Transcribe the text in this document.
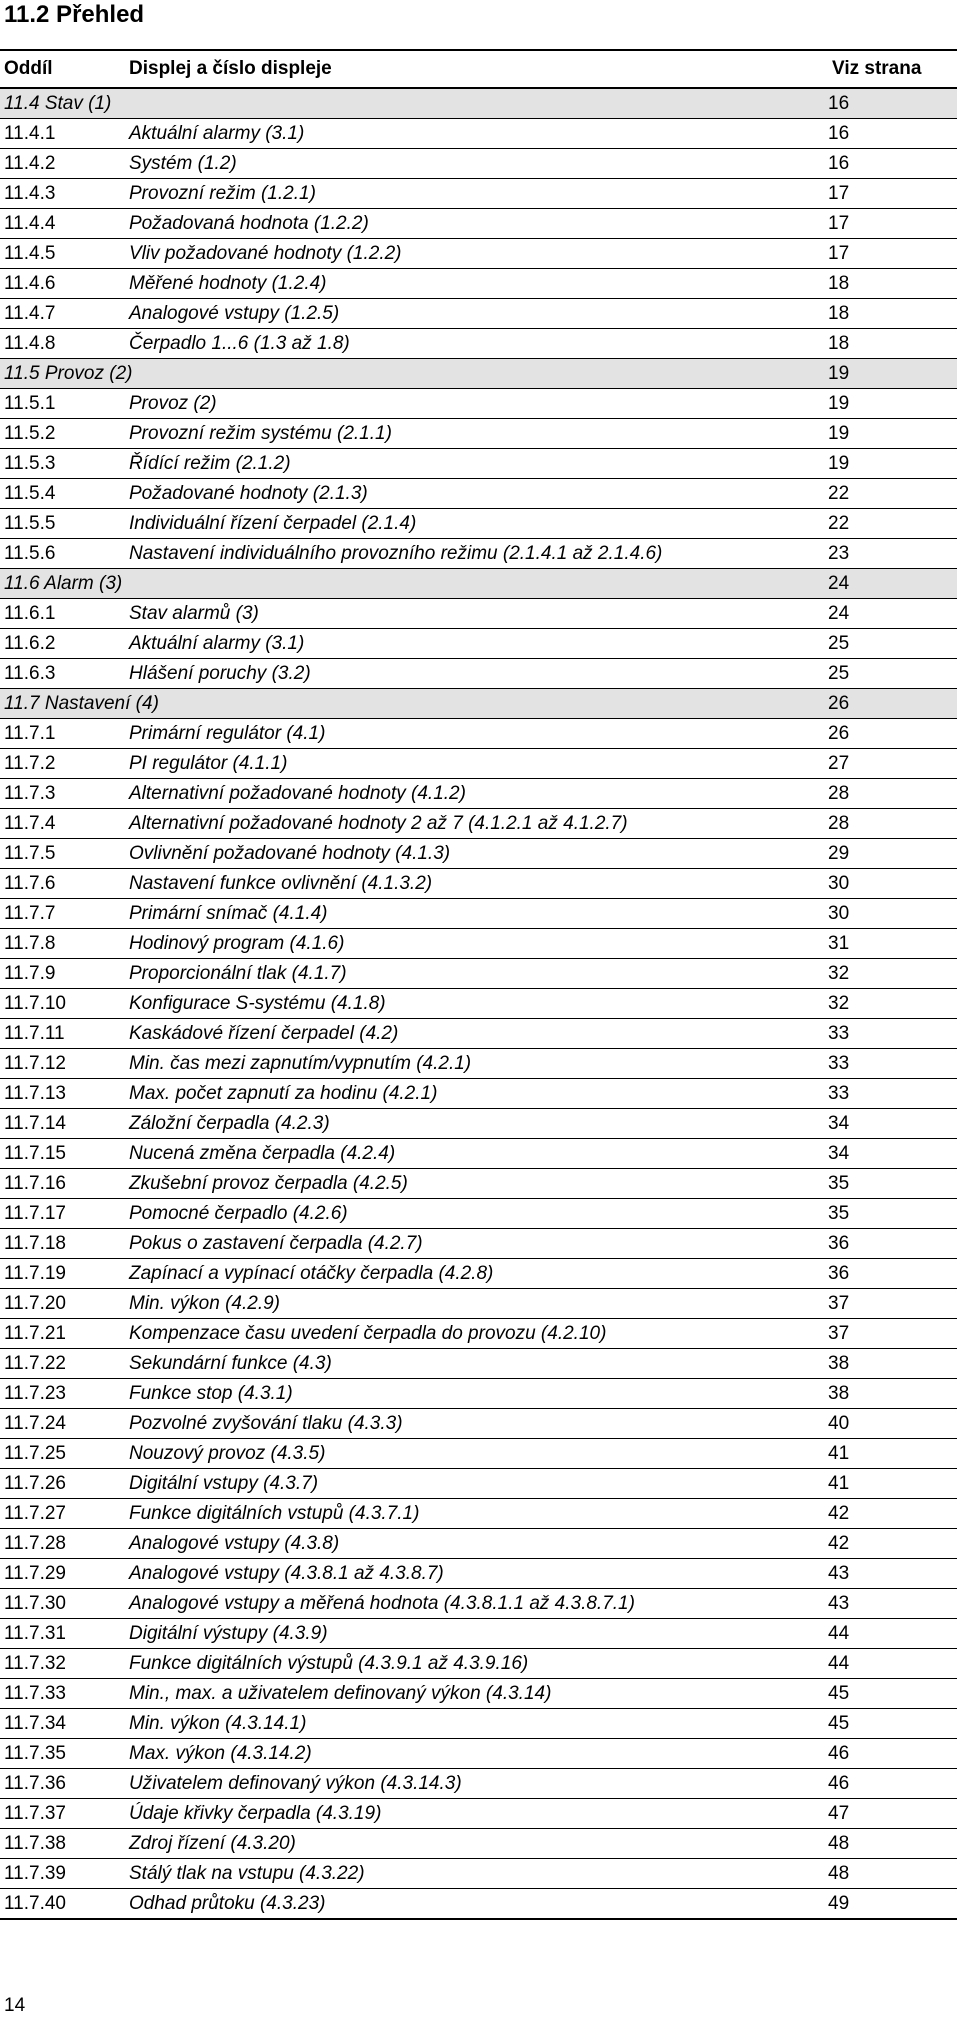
11.2 Přehled
Oddíl	Displej a číslo displeje	Viz strana
11.4 Stav (1)		16
11.4.1	Aktuální alarmy (3.1)	16
11.4.2	Systém (1.2)	16
11.4.3	Provozní režim (1.2.1)	17
11.4.4	Požadovaná hodnota (1.2.2)	17
11.4.5	Vliv požadované hodnoty (1.2.2)	17
11.4.6	Měřené hodnoty (1.2.4)	18
11.4.7	Analogové vstupy (1.2.5)	18
11.4.8	Čerpadlo 1...6 (1.3 až 1.8)	18
11.5 Provoz (2)		19
11.5.1	Provoz (2)	19
11.5.2	Provozní režim systému (2.1.1)	19
11.5.3	Řídící režim (2.1.2)	19
11.5.4	Požadované hodnoty (2.1.3)	22
11.5.5	Individuální řízení čerpadel (2.1.4)	22
11.5.6	Nastavení individuálního provozního režimu (2.1.4.1 až 2.1.4.6)	23
11.6 Alarm (3)		24
11.6.1	Stav alarmů (3)	24
11.6.2	Aktuální alarmy (3.1)	25
11.6.3	Hlášení poruchy (3.2)	25
11.7 Nastavení (4)		26
11.7.1	Primární regulátor (4.1)	26
11.7.2	PI regulátor (4.1.1)	27
11.7.3	Alternativní požadované hodnoty (4.1.2)	28
11.7.4	Alternativní požadované hodnoty 2 až 7 (4.1.2.1 až 4.1.2.7)	28
11.7.5	Ovlivnění požadované hodnoty (4.1.3)	29
11.7.6	Nastavení funkce ovlivnění (4.1.3.2)	30
11.7.7	Primární snímač (4.1.4)	30
11.7.8	Hodinový program (4.1.6)	31
11.7.9	Proporcionální tlak (4.1.7)	32
11.7.10	Konfigurace S-systému (4.1.8)	32
11.7.11	Kaskádové řízení čerpadel (4.2)	33
11.7.12	Min. čas mezi zapnutím/vypnutím (4.2.1)	33
11.7.13	Max. počet zapnutí za hodinu (4.2.1)	33
11.7.14	Záložní čerpadla (4.2.3)	34
11.7.15	Nucená změna čerpadla (4.2.4)	34
11.7.16	Zkušební provoz čerpadla (4.2.5)	35
11.7.17	Pomocné čerpadlo (4.2.6)	35
11.7.18	Pokus o zastavení čerpadla (4.2.7)	36
11.7.19	Zapínací a vypínací otáčky čerpadla (4.2.8)	36
11.7.20	Min. výkon (4.2.9)	37
11.7.21	Kompenzace času uvedení čerpadla do provozu (4.2.10)	37
11.7.22	Sekundární funkce (4.3)	38
11.7.23	Funkce stop (4.3.1)	38
11.7.24	Pozvolné zvyšování tlaku (4.3.3)	40
11.7.25	Nouzový provoz (4.3.5)	41
11.7.26	Digitální vstupy (4.3.7)	41
11.7.27	Funkce digitálních vstupů (4.3.7.1)	42
11.7.28	Analogové vstupy (4.3.8)	42
11.7.29	Analogové vstupy (4.3.8.1 až 4.3.8.7)	43
11.7.30	Analogové vstupy a měřená hodnota (4.3.8.1.1 až 4.3.8.7.1)	43
11.7.31	Digitální výstupy (4.3.9)	44
11.7.32	Funkce digitálních výstupů (4.3.9.1 až 4.3.9.16)	44
11.7.33	Min., max. a uživatelem definovaný výkon (4.3.14)	45
11.7.34	Min. výkon (4.3.14.1)	45
11.7.35	Max. výkon (4.3.14.2)	46
11.7.36	Uživatelem definovaný výkon (4.3.14.3)	46
11.7.37	Údaje křivky čerpadla (4.3.19)	47
11.7.38	Zdroj řízení (4.3.20)	48
11.7.39	Stálý tlak na vstupu (4.3.22)	48
11.7.40	Odhad průtoku (4.3.23)	49
14
